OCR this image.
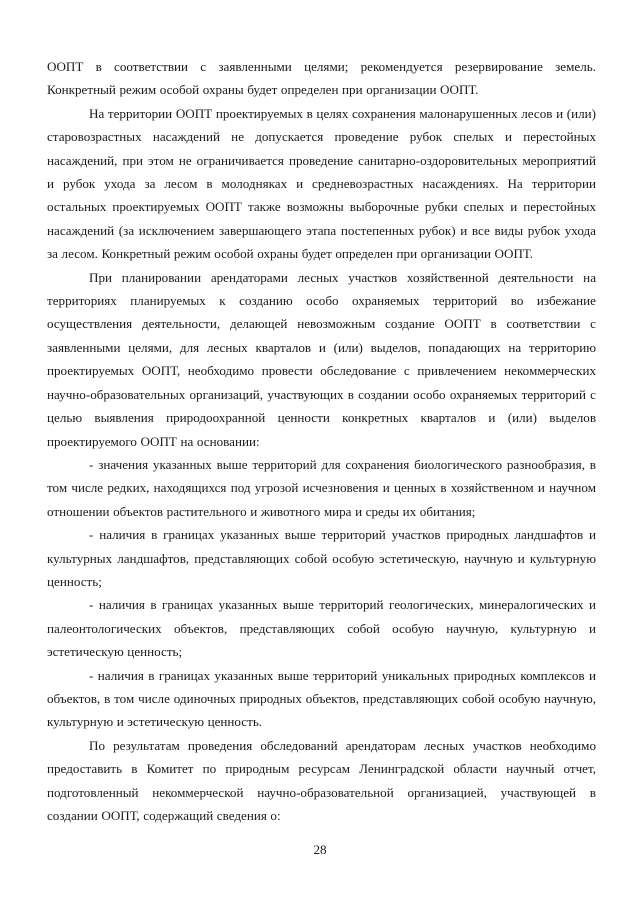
ООПТ в соответствии с заявленными целями; рекомендуется резервирование земель. Конкретный режим особой охраны будет определен при организации ООПТ.

На территории ООПТ проектируемых в целях сохранения малонарушенных лесов и (или) старовозрастных насаждений не допускается проведение рубок спелых и перестойных насаждений, при этом не ограничивается проведение санитарно-оздоровительных мероприятий и рубок ухода за лесом в молодняках и средневозрастных насаждениях. На территории остальных проектируемых ООПТ также возможны выборочные рубки спелых и перестойных насаждений (за исключением завершающего этапа постепенных рубок) и все виды рубок ухода за лесом. Конкретный режим особой охраны будет определен при организации ООПТ.

При планировании арендаторами лесных участков хозяйственной деятельности на территориях планируемых к созданию особо охраняемых территорий во избежание осуществления деятельности, делающей невозможным создание ООПТ в соответствии с заявленными целями, для лесных кварталов и (или) выделов, попадающих на территорию проектируемых ООПТ, необходимо провести обследование с привлечением некоммерческих научно-образовательных организаций, участвующих в создании особо охраняемых территорий с целью выявления природоохранной ценности конкретных кварталов и (или) выделов проектируемого ООПТ на основании:

- значения указанных выше территорий для сохранения биологического разнообразия, в том числе редких, находящихся под угрозой исчезновения и ценных в хозяйственном и научном отношении объектов растительного и животного мира и среды их обитания;

- наличия в границах указанных выше территорий участков природных ландшафтов и культурных ландшафтов, представляющих собой особую эстетическую, научную и культурную ценность;

- наличия в границах указанных выше территорий геологических, минералогических и палеонтологических объектов, представляющих собой особую научную, культурную и эстетическую ценность;

- наличия в границах указанных выше территорий уникальных природных комплексов и объектов, в том числе одиночных природных объектов, представляющих собой особую научную, культурную и эстетическую ценность.

По результатам проведения обследований арендаторам лесных участков необходимо предоставить в Комитет по природным ресурсам Ленинградской области научный отчет, подготовленный некоммерческой научно-образовательной организацией, участвующей в создании ООПТ, содержащий сведения о:

28
